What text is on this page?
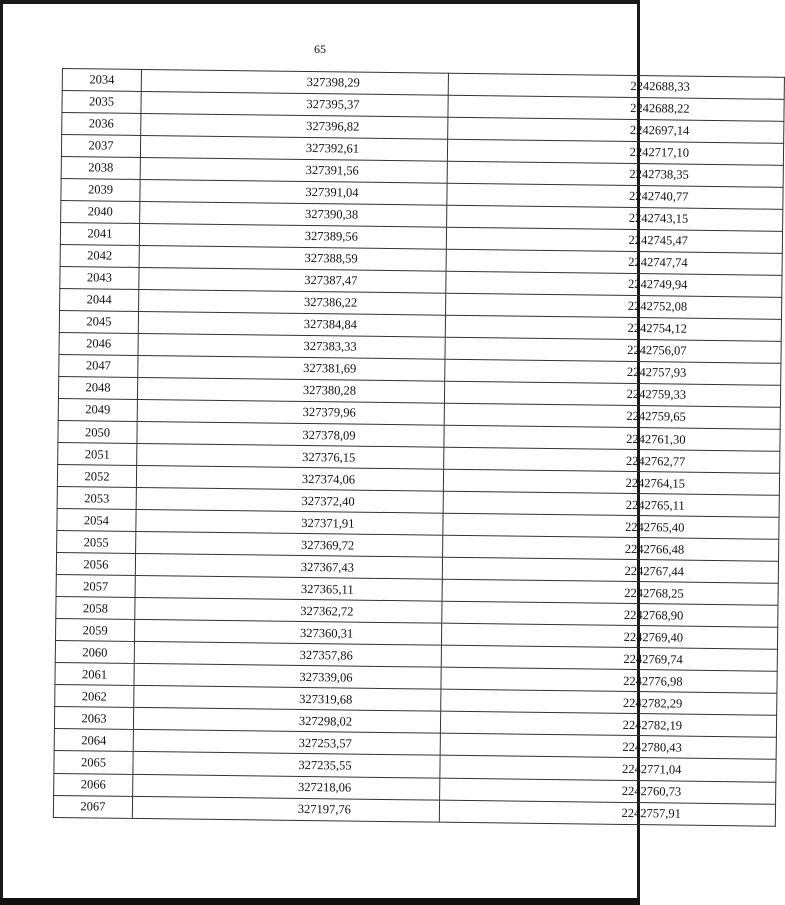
65
2034	327398,29	2242688,33
2035	327395,37	2242688,22
2036	327396,82	2242697,14
2037	327392,61	2242717,10
2038	327391,56	2242738,35
2039	327391,04	2242740,77
2040	327390,38	2242743,15
2041	327389,56	2242745,47
2042	327388,59	2242747,74
2043	327387,47	2242749,94
2044	327386,22	2242752,08
2045	327384,84	2242754,12
2046	327383,33	2242756,07
2047	327381,69	2242757,93
2048	327380,28	2242759,33
2049	327379,96	2242759,65
2050	327378,09	2242761,30
2051	327376,15	2242762,77
2052	327374,06	2242764,15
2053	327372,40	2242765,11
2054	327371,91	2242765,40
2055	327369,72	2242766,48
2056	327367,43	2242767,44
2057	327365,11	2242768,25
2058	327362,72	2242768,90
2059	327360,31	2242769,40
2060	327357,86	2242769,74
2061	327339,06	2242776,98
2062	327319,68	2242782,29
2063	327298,02	2242782,19
2064	327253,57	2242780,43
2065	327235,55	2242771,04
2066	327218,06	2242760,73
2067	327197,76	2242757,91
